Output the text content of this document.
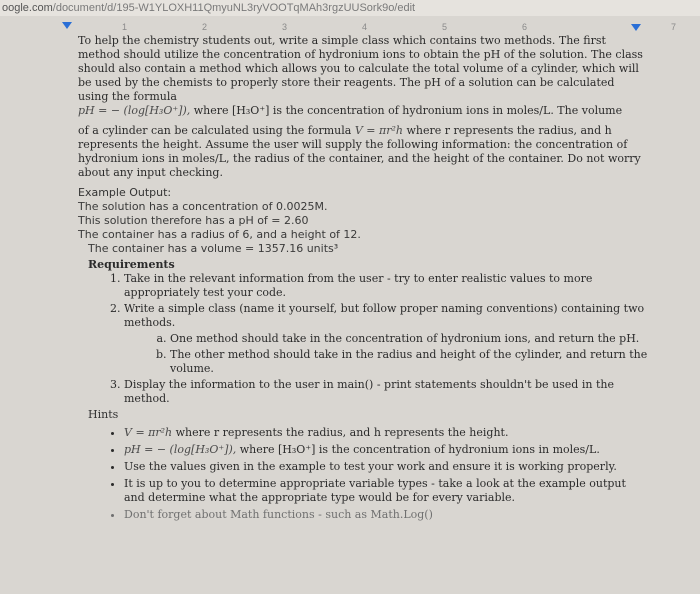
oogle.com/document/d/195-W1YLOXH11QmyuNL3ryVOOTqMAh3rgzUUSork9o/edit
1	2	3	4	5	6	7

To help the chemistry students out, write a simple class which contains two methods. The first method should utilize the concentration of hydronium ions to obtain the pH of the solution. The class should also contain a method which allows you to calculate the total volume of a cylinder, which will be used by the chemists to properly store their reagents. The pH of a solution can be calculated using the formula

pH = − (log[H₃O⁺]), where [H₃O⁺] is the concentration of hydronium ions in moles/L. The volume

of a cylinder can be calculated using the formula V = πr²h where r represents the radius, and h represents the height. Assume the user will supply the following information: the concentration of hydronium ions in moles/L, the radius of the container, and the height of the container. Do not worry about any input checking.

Example Output:

The solution has a concentration of 0.0025M.

This solution therefore has a pH of = 2.60

The container has a radius of 6, and a height of 12.

The container has a volume = 1357.16 units³

Requirements

1. Take in the relevant information from the user - try to enter realistic values to more appropriately test your code.
2. Write a simple class (name it yourself, but follow proper naming conventions) containing two methods.
a. One method should take in the concentration of hydronium ions, and return the pH.
b. The other method should take in the radius and height of the cylinder, and return the volume.
3. Display the information to the user in main() - print statements shouldn't be used in the method.

Hints

• V = πr²h where r represents the radius, and h represents the height.
• pH = − (log[H₃O⁺]), where [H₃O⁺] is the concentration of hydronium ions in moles/L.
• Use the values given in the example to test your work and ensure it is working properly.
• It is up to you to determine appropriate variable types - take a look at the example output and determine what the appropriate type would be for every variable.
• Don't forget about Math functions - such as Math.Log()
